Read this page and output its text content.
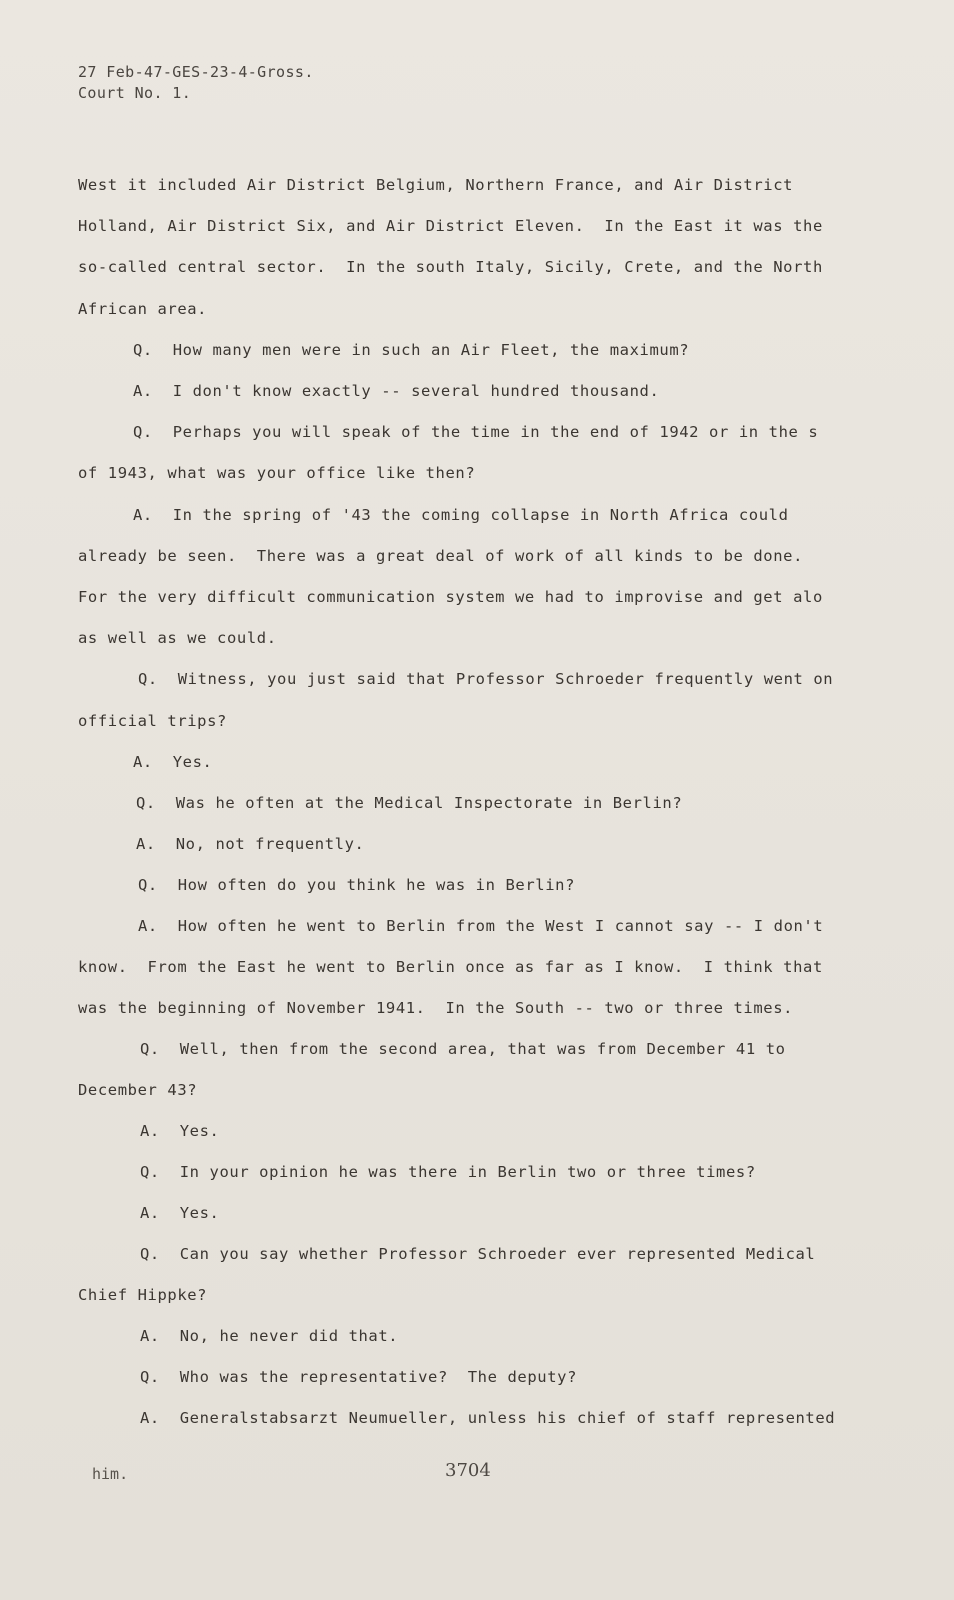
27 Feb-47-GES-23-4-Gross.
Court No. 1.
West it included Air District Belgium, Northern France, and Air District
Holland, Air District Six, and Air District Eleven.  In the East it was the
so-called central sector.  In the south Italy, Sicily, Crete, and the North
African area.
Q.  How many men were in such an Air Fleet, the maximum?
A.  I don't know exactly -- several hundred thousand.
Q.  Perhaps you will speak of the time in the end of 1942 or in the s
of 1943, what was your office like then?
A.  In the spring of '43 the coming collapse in North Africa could
already be seen.  There was a great deal of work of all kinds to be done.
For the very difficult communication system we had to improvise and get alo
as well as we could.
Q.  Witness, you just said that Professor Schroeder frequently went on
official trips?
A.  Yes.
Q.  Was he often at the Medical Inspectorate in Berlin?
A.  No, not frequently.
Q.  How often do you think he was in Berlin?
A.  How often he went to Berlin from the West I cannot say -- I don't
know.  From the East he went to Berlin once as far as I know.  I think that
was the beginning of November 1941.  In the South -- two or three times.
Q.  Well, then from the second area, that was from December 41 to
December 43?
A.  Yes.
Q.  In your opinion he was there in Berlin two or three times?
A.  Yes.
Q.  Can you say whether Professor Schroeder ever represented Medical
Chief Hippke?
A.  No, he never did that.
Q.  Who was the representative?  The deputy?
A.  Generalstabsarzt Neumueller, unless his chief of staff represented
him.	3704
